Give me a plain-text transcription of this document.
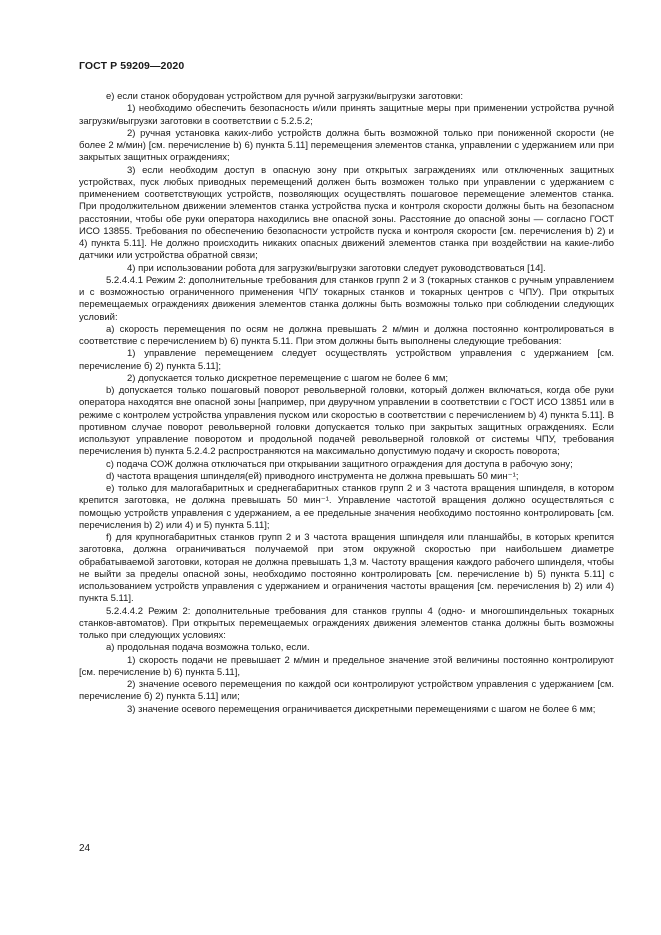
ГОСТ Р 59209—2020

e) если станок оборудован устройством для ручной загрузки/выгрузки заготовки:

1) необходимо обеспечить безопасность и/или принять защитные меры при применении устройства ручной загрузки/выгрузки заготовки в соответствии с 5.2.5.2;

2) ручная установка каких-либо устройств должна быть возможной только при пониженной скорости (не более 2 м/мин) [см. перечисление b) 6) пункта 5.11] перемещения элементов станка, управлении с удержанием или при закрытых защитных ограждениях;

3) если необходим доступ в опасную зону при открытых заграждениях или отключенных защитных устройствах, пуск любых приводных перемещений должен быть возможен только при управлении с удержанием с применением соответствующих устройств, позволяющих осуществлять пошаговое перемещение элементов станка. При продолжительном движении элементов станка устройства пуска и контроля скорости должны быть на безопасном расстоянии, чтобы обе руки оператора находились вне опасной зоны. Расстояние до опасной зоны — согласно ГОСТ ИСО 13855. Требования по обеспечению безопасности устройств пуска и контроля скорости [см. перечисления b) 2) и 4) пункта 5.11]. Не должно происходить никаких опасных движений элементов станка при воздействии на какие-либо датчики или устройства обратной связи;

4) при использовании робота для загрузки/выгрузки заготовки следует руководствоваться [14].

5.2.4.4.1 Режим 2: дополнительные требования для станков групп 2 и 3 (токарных станков с ручным управлением и с возможностью ограниченного применения ЧПУ токарных станков и токарных центров с ЧПУ). При открытых перемещаемых ограждениях движения элементов станка должны быть возможны только при соблюдении следующих условий:

a) скорость перемещения по осям не должна превышать 2 м/мин и должна постоянно контролироваться в соответствие с перечислением b) 6) пункта 5.11. При этом должны быть выполнены следующие требования:

1) управление перемещением следует осуществлять устройством управления с удержанием [см. перечисление б) 2) пункта 5.11];

2) допускается только дискретное перемещение с шагом не более 6 мм;

b) допускается только пошаговый поворот револьверной головки, который должен включаться, когда обе руки оператора находятся вне опасной зоны [например, при двуручном управлении в соответствии с ГОСТ ИСО 13851 или в режиме с контролем устройства управления пуском или скоростью в соответствии с перечислением b) 4) пункта 5.11]. В противном случае поворот револьверной головки допускается только при закрытых защитных ограждениях. Если используют управление поворотом и продольной подачей револьверной головкой от системы ЧПУ, требования перечисления b) пункта 5.2.4.2 распространяются на максимально допустимую подачу и скорость поворота;

c) подача СОЖ должна отключаться при открывании защитного ограждения для доступа в рабочую зону;

d) частота вращения шпинделя(ей) приводного инструмента не должна превышать 50 мин⁻¹;

e) только для малогабаритных и среднегабаритных станков групп 2 и 3 частота вращения шпинделя, в котором крепится заготовка, не должна превышать 50 мин⁻¹. Управление частотой вращения должно осуществляться с помощью устройств управления с удержанием, а ее предельные значения необходимо постоянно контролировать [см. перечисления b) 2) или 4) и 5) пункта 5.11];

f) для крупногабаритных станков групп 2 и 3 частота вращения шпинделя или планшайбы, в которых крепится заготовка, должна ограничиваться получаемой при этом окружной скоростью при наибольшем диаметре обрабатываемой заготовки, которая не должна превышать 1,3 м. Частоту вращения каждого рабочего шпинделя, чтобы не выйти за пределы опасной зоны, необходимо постоянно контролировать [см. перечисление b) 5) пункта 5.11] с использованием устройств управления с удержанием и ограничения частоты вращения [см. перечисления b) 2) или 4) пункта 5.11].

5.2.4.4.2 Режим 2: дополнительные требования для станков группы 4 (одно- и многошпиндельных токарных станков-автоматов). При открытых перемещаемых ограждениях движения элементов станка должны быть возможны только при следующих условиях:

a) продольная подача возможна только, если.

1) скорость подачи не превышает 2 м/мин и предельное значение этой величины постоянно контролируют [см. перечисление b) 6) пункта 5.11],

2) значение осевого перемещения по каждой оси контролируют устройством управления с удержанием [см. перечисление б) 2) пункта 5.11] или;

3) значение осевого перемещения ограничивается дискретными перемещениями с шагом не более 6 мм;

24
